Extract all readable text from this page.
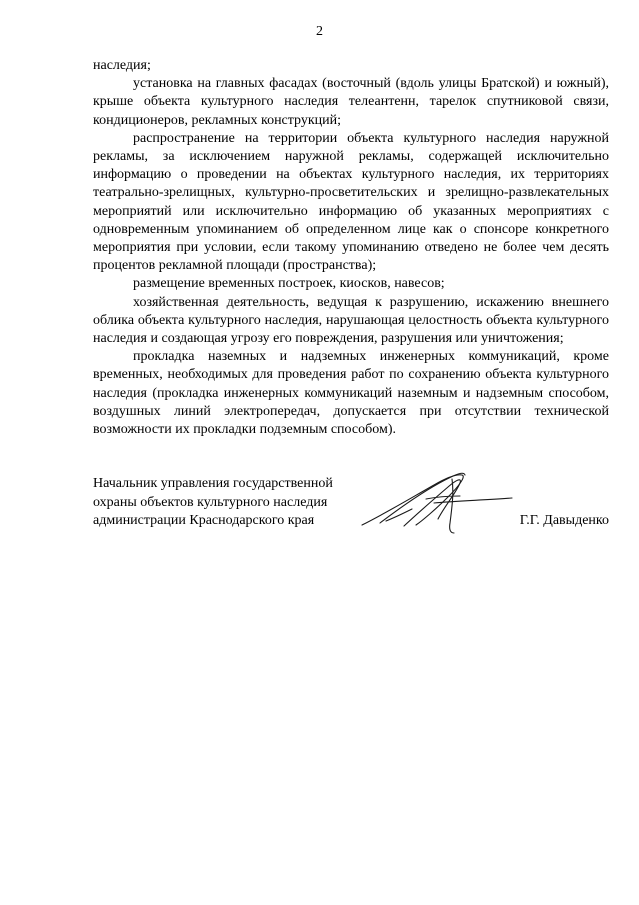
2

наследия;

установка на главных фасадах (восточный (вдоль улицы Братской) и южный), крыше объекта культурного наследия телеантенн, тарелок спутниковой связи, кондиционеров, рекламных конструкций;

распространение на территории объекта культурного наследия наружной рекламы, за исключением наружной рекламы, содержащей исключительно информацию о проведении на объектах культурного наследия, их территориях театрально-зрелищных, культурно-просветительских и зрелищно-развлекательных мероприятий или исключительно информацию об указанных мероприятиях с одновременным упоминанием об определенном лице как о спонсоре конкретного мероприятия при условии, если такому упоминанию отведено не более чем десять процентов рекламной площади (пространства);

размещение временных построек, киосков, навесов;

хозяйственная деятельность, ведущая к разрушению, искажению внешнего облика объекта культурного наследия, нарушающая целостность объекта культурного наследия и создающая угрозу его повреждения, разрушения или уничтожения;

прокладка наземных и надземных инженерных коммуникаций, кроме временных, необходимых для проведения работ по сохранению объекта культурного наследия (прокладка инженерных коммуникаций наземным и надземным способом, воздушных линий электропередач, допускается при отсутствии технической возможности их прокладки подземным способом).

Начальник управления государственной
охраны объектов культурного наследия
администрации Краснодарского края	Г.Г. Давыденко
